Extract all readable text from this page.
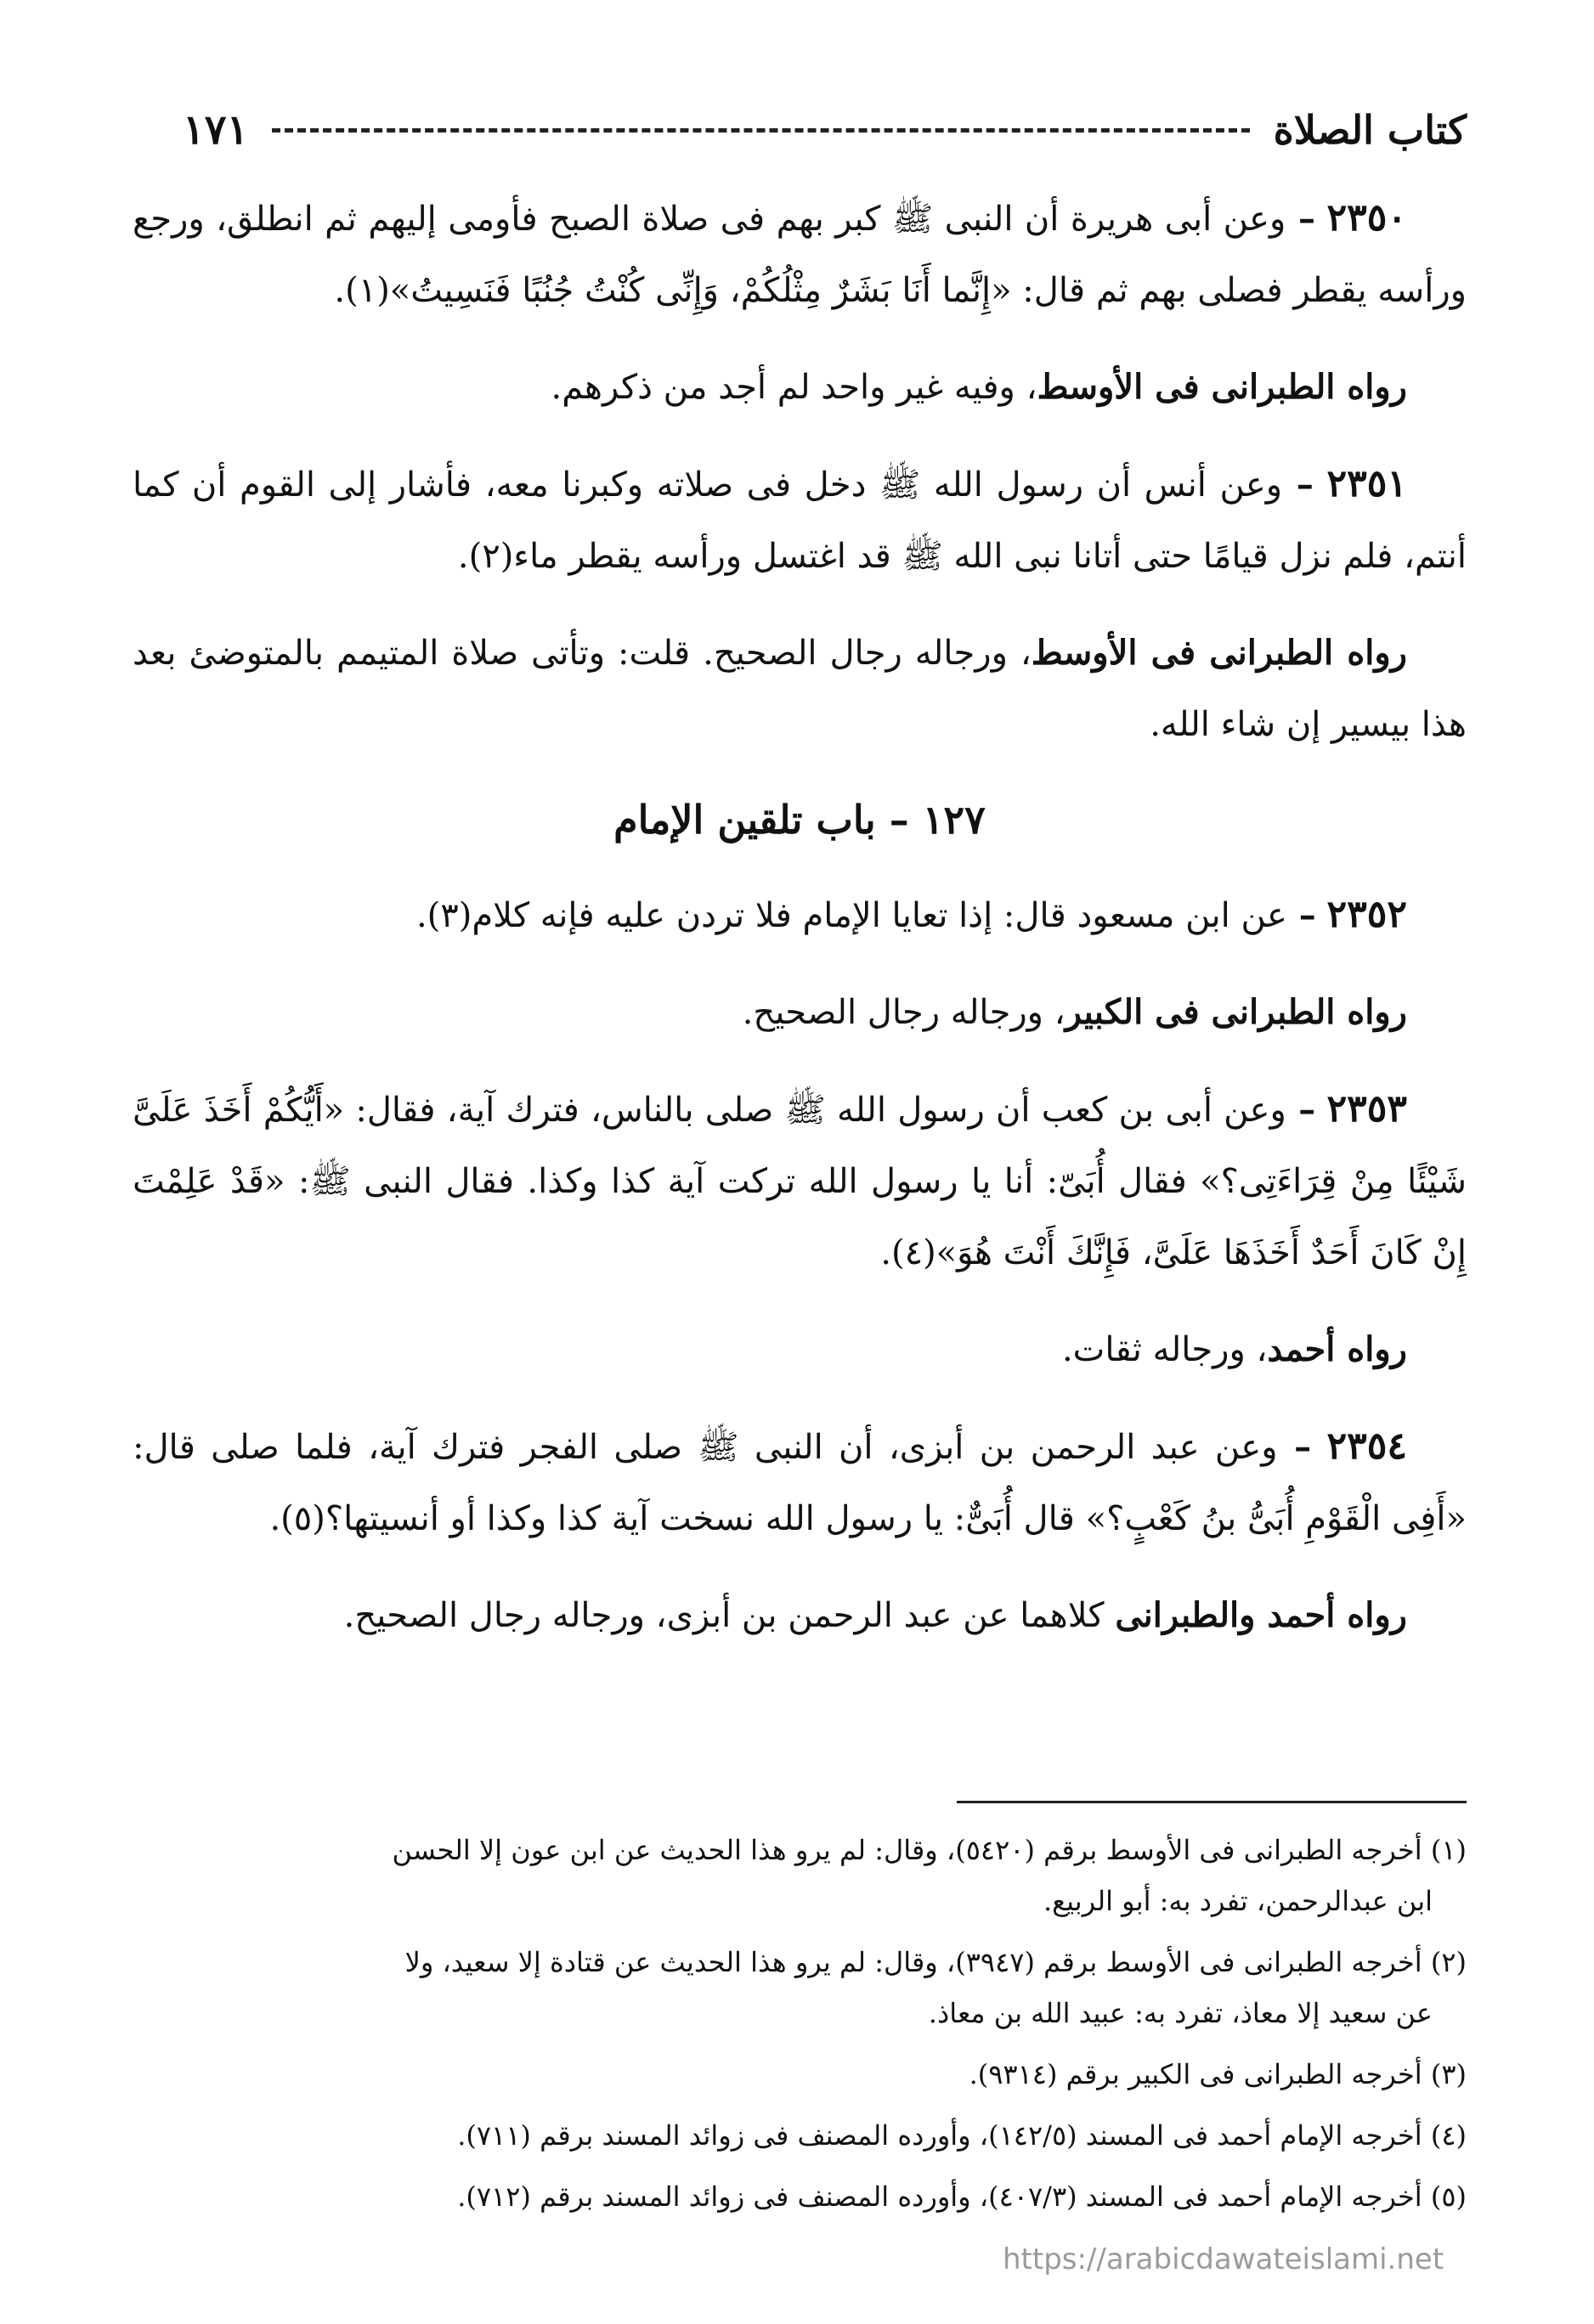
كتاب الصلاة
١٧١

٢٣٥٠ – وعن أبى هريرة أن النبى ﷺ كبر بهم فى صلاة الصبح فأومى إليهم ثم انطلق، ورجع ورأسه يقطر فصلى بهم ثم قال: «إِنَّما أَنَا بَشَرٌ مِثْلُكُمْ، وَإِنِّى كُنْتُ جُنُبًا فَنَسِيتُ»(١).

رواه الطبرانى فى الأوسط، وفيه غير واحد لم أجد من ذكرهم.

٢٣٥١ – وعن أنس أن رسول الله ﷺ دخل فى صلاته وكبرنا معه، فأشار إلى القوم أن كما أنتم، فلم نزل قيامًا حتى أتانا نبى الله ﷺ قد اغتسل ورأسه يقطر ماء(٢).

رواه الطبرانى فى الأوسط، ورجاله رجال الصحيح. قلت: وتأتى صلاة المتيمم بالمتوضئ بعد هذا بيسير إن شاء الله.

١٢٧ – باب تلقين الإمام

٢٣٥٢ – عن ابن مسعود قال: إذا تعايا الإمام فلا تردن عليه فإنه كلام(٣).

رواه الطبرانى فى الكبير، ورجاله رجال الصحيح.

٢٣٥٣ – وعن أبى بن كعب أن رسول الله ﷺ صلى بالناس، فترك آية، فقال: «أَيُّكُمْ أَخَذَ عَلَىَّ شَيْئًا مِنْ قِرَاءَتِى؟» فقال أُبَىّ: أنا يا رسول الله تركت آية كذا وكذا. فقال النبى ﷺ: «قَدْ عَلِمْتَ إِنْ كَانَ أَحَدٌ أَخَذَهَا عَلَىَّ، فَإِنَّكَ أَنْتَ هُوَ»(٤).

رواه أحمد، ورجاله ثقات.

٢٣٥٤ – وعن عبد الرحمن بن أبزى، أن النبى ﷺ صلى الفجر فترك آية، فلما صلى قال: «أَفِى الْقَوْمِ أُبَىُّ بنُ كَعْبٍ؟» قال أُبَىٌّ: يا رسول الله نسخت آية كذا وكذا أو أنسيتها؟(٥).

رواه أحمد والطبرانى كلاهما عن عبد الرحمن بن أبزى، ورجاله رجال الصحيح.

(١) أخرجه الطبرانى فى الأوسط برقم (٥٤٢٠)، وقال: لم يرو هذا الحديث عن ابن عون إلا الحسن
ابن عبدالرحمن، تفرد به: أبو الربيع.
(٢) أخرجه الطبرانى فى الأوسط برقم (٣٩٤٧)، وقال: لم يرو هذا الحديث عن قتادة إلا سعيد، ولا
عن سعيد إلا معاذ، تفرد به: عبيد الله بن معاذ.
(٣) أخرجه الطبرانى فى الكبير برقم (٩٣١٤).
(٤) أخرجه الإمام أحمد فى المسند (١٤٢/٥)، وأورده المصنف فى زوائد المسند برقم (٧١١).
(٥) أخرجه الإمام أحمد فى المسند (٤٠٧/٣)، وأورده المصنف فى زوائد المسند برقم (٧١٢).
https://arabicdawateislami.net
